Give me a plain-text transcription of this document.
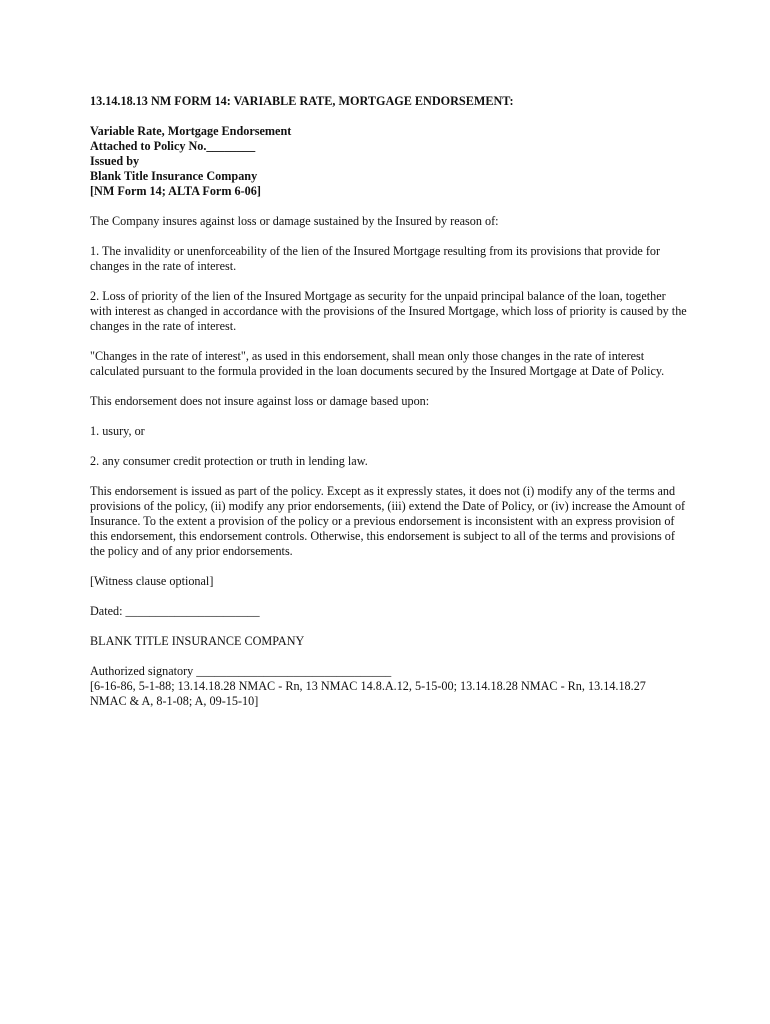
13.14.18.13 NM FORM 14: VARIABLE RATE, MORTGAGE ENDORSEMENT:
Variable Rate, Mortgage Endorsement
Attached to Policy No.________
Issued by
Blank Title Insurance Company
[NM Form 14; ALTA Form 6-06]

The Company insures against loss or damage sustained by the Insured by reason of:

1. The invalidity or unenforceability of the lien of the Insured Mortgage resulting from its provisions that provide for changes in the rate of interest.

2. Loss of priority of the lien of the Insured Mortgage as security for the unpaid principal balance of the loan, together with interest as changed in accordance with the provisions of the Insured Mortgage, which loss of priority is caused by the changes in the rate of interest.

"Changes in the rate of interest", as used in this endorsement, shall mean only those changes in the rate of interest calculated pursuant to the formula provided in the loan documents secured by the Insured Mortgage at Date of Policy.

This endorsement does not insure against loss or damage based upon:

1. usury, or

2. any consumer credit protection or truth in lending law.

This endorsement is issued as part of the policy. Except as it expressly states, it does not (i) modify any of the terms and provisions of the policy, (ii) modify any prior endorsements, (iii) extend the Date of Policy, or (iv) increase the Amount of Insurance. To the extent a provision of the policy or a previous endorsement is inconsistent with an express provision of this endorsement, this endorsement controls. Otherwise, this endorsement is subject to all of the terms and provisions of the policy and of any prior endorsements.

[Witness clause optional]

Dated: ______________________

BLANK TITLE INSURANCE COMPANY

Authorized signatory ________________________________
[6-16-86, 5-1-88; 13.14.18.28 NMAC - Rn, 13 NMAC 14.8.A.12, 5-15-00; 13.14.18.28 NMAC - Rn, 13.14.18.27
NMAC & A, 8-1-08; A, 09-15-10]
